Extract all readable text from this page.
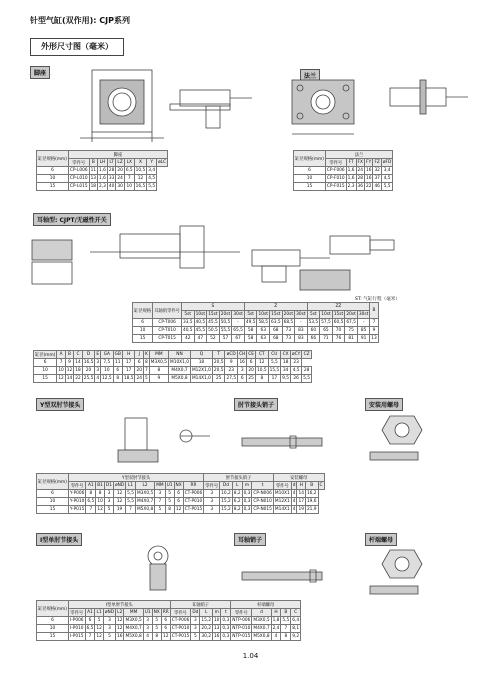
针型气缸(双作用): CJP系列
外形尺寸图（毫米）
脚座	法兰
缸径规格(mm)	脚座								
	零件号	B	LH	LT	LZ	LX	X	Y	øLC
6	CP-L006	11	1,6	28	20	6,5	10,5	3,4	
10	CP-L010	13	1,6	33	24	7	12	4,5	
15	CP-L015	18	2,3	40	30	10	16,5	5,5	
缸径规格(mm)	法兰					
	零件号	FT	FX	FY	FZ	øFD
6	CP-F006	1,6	24	16	32	3,4
10	CP-F010	1,6	28	16	37	4,5
15	CP-F015	2,3	36	22	46	5,5
耳轴型: CJPT/无磁性开关
ST: 气缸行程（毫米）
缸径规格	耳轴销零件号	S					Z					ZZ					B
		5st	10st	15st	20st	30st	5st	10st	15st	20st	30st	5st	10st	15st	20st	30st	
6	CP-T006	33,5	40,5	45,5	50,5	-	49,5	58,5	63,5	68,5	-	53,5	57,5	60,5	67,5	-	7
10	CP-T010	40,5	45,5	50,5	55,5	65,5	58	63	68	73	83	60	65	70	75	85	9
15	CP-T015	42	47	52	57	67	58	63	68	73	83	66	71	76	81	91	13
缸径(mm)	A	B	C	D	E	GA	GB	H	J	K	MM	NN	Q	T	øCD	CH	CE	CT	CU	CX	øCY	CZ
6	7	9	14	16,5	3	7,5	11	17	6	8	M3X0,5	M10X1,0	18	20,5	9	16	6	12	5,5	18	23	
10	10	12	18	20	3	10	6	17	20	7	8	M4X0,7	M12X1,0	20,5	23	3	20	10,5	15,5	34	4,5	28
15	12	14	22	25,5	4	12,5	8	18,5	24	5	9	M5X0,8	M14X1,0	25	27,5	6	25	8	17	9,5	26	5,5
Y型双肘节接头	肘节接头销子	安装用螺母
缸径规格(mm)	Y型双肘节接头											肘节接头销子					安装螺母				
	零件号	A1	B1	D1	øND	L1	L2	MM	U1	NX	RR	零件号	Dd	L	m	t	零件号	d	H	B	C
6	Y-P006	8	8	3	12	5,5	M3X0,5	3	5	6	CT-P006	3	10,2	8,2	0,3	CP-N006	M10X1	4	14	16,2	
10	Y-P010	6,5	10	3	12	5,5	M4X0,7	7	5	6	CT-P010	3	15,2	6,2	0,3	CP-N010	M12X1	4	17	19,6	
15	Y-P015	7	12	5	19	7	M5X0,8	5	8	12	CT-P015	3	15,2	8,2	0,3	CP-N015	M14X1	4	19	21,9	
I型单肘节接头	耳轴销子	杆端螺母
缸径规格(mm)	I型单肘节接头									耳轴销子					杆端螺母				
	零件号	A1	L1	øND	L2	MM	U1	NX	RR	零件号	Dd	L	m	t	零件号	d	H	B	C
6	I-P006	6	5	3	12	M3X0,5	3	5	6	CT-P006	3	15,2	10	0,3	NTP-006	M3X0,5	1,8	5,5	6,4
10	I-P010	6,5	12	3	12	M4X0,7	3	5	6	CT-P010	3	20,2	13	0,3	NTP-010	M4X0,7	2,4	7	8,1
15	I-P015	7	12	5	16	M5X0,8	4	8	12	CT-P015	5	30,2	16	0,3	NTP-015	M5X0,8	4	8	9,2
1.04
